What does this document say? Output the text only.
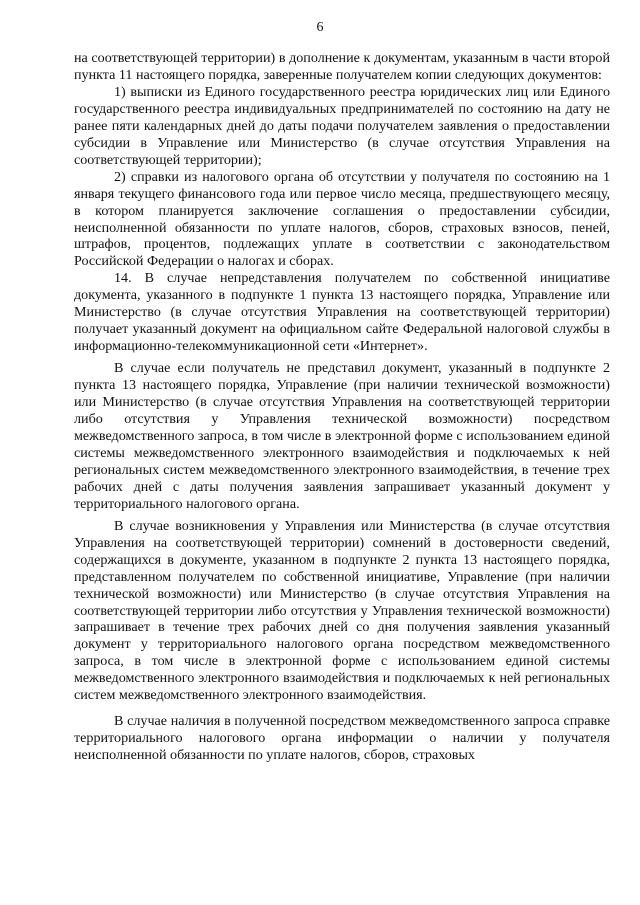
6

на соответствующей территории) в дополнение к документам, указанным в части второй пункта 11 настоящего порядка, заверенные получателем копии следующих документов:

1) выписки из Единого государственного реестра юридических лиц или Единого государственного реестра индивидуальных предпринимателей по состоянию на дату не ранее пяти календарных дней до даты подачи получателем заявления о предоставлении субсидии в Управление или Министерство (в случае отсутствия Управления на соответствующей территории);

2) справки из налогового органа об отсутствии у получателя по состоянию на 1 января текущего финансового года или первое число месяца, предшествующего месяцу, в котором планируется заключение соглашения о предоставлении субсидии, неисполненной обязанности по уплате налогов, сборов, страховых взносов, пеней, штрафов, процентов, подлежащих уплате в соответствии с законодательством Российской Федерации о налогах и сборах.

14. В случае непредставления получателем по собственной инициативе документа, указанного в подпункте 1 пункта 13 настоящего порядка, Управление или Министерство (в случае отсутствия Управления на соответствующей территории) получает указанный документ на официальном сайте Федеральной налоговой службы в информационно-телекоммуникационной сети «Интернет».

В случае если получатель не представил документ, указанный в подпункте 2 пункта 13 настоящего порядка, Управление (при наличии технической возможности) или Министерство (в случае отсутствия Управления на соответствующей территории либо отсутствия у Управления технической возможности) посредством межведомственного запроса, в том числе в электронной форме с использованием единой системы межведомственного электронного взаимодействия и подключаемых к ней региональных систем межведомственного электронного взаимодействия, в течение трех рабочих дней с даты получения заявления запрашивает указанный документ у территориального налогового органа.

В случае возникновения у Управления или Министерства (в случае отсутствия Управления на соответствующей территории) сомнений в достоверности сведений, содержащихся в документе, указанном в подпункте 2 пункта 13 настоящего порядка, представленном получателем по собственной инициативе, Управление (при наличии технической возможности) или Министерство (в случае отсутствия Управления на соответствующей территории либо отсутствия у Управления технической возможности) запрашивает в течение трех рабочих дней со дня получения заявления указанный документ у территориального налогового органа посредством межведомственного запроса, в том числе в электронной форме с использованием единой системы межведомственного электронного взаимодействия и подключаемых к ней региональных систем межведомственного электронного взаимодействия.

В случае наличия в полученной посредством межведомственного запроса справке территориального налогового органа информации о наличии у получателя неисполненной обязанности по уплате налогов, сборов, страховых
